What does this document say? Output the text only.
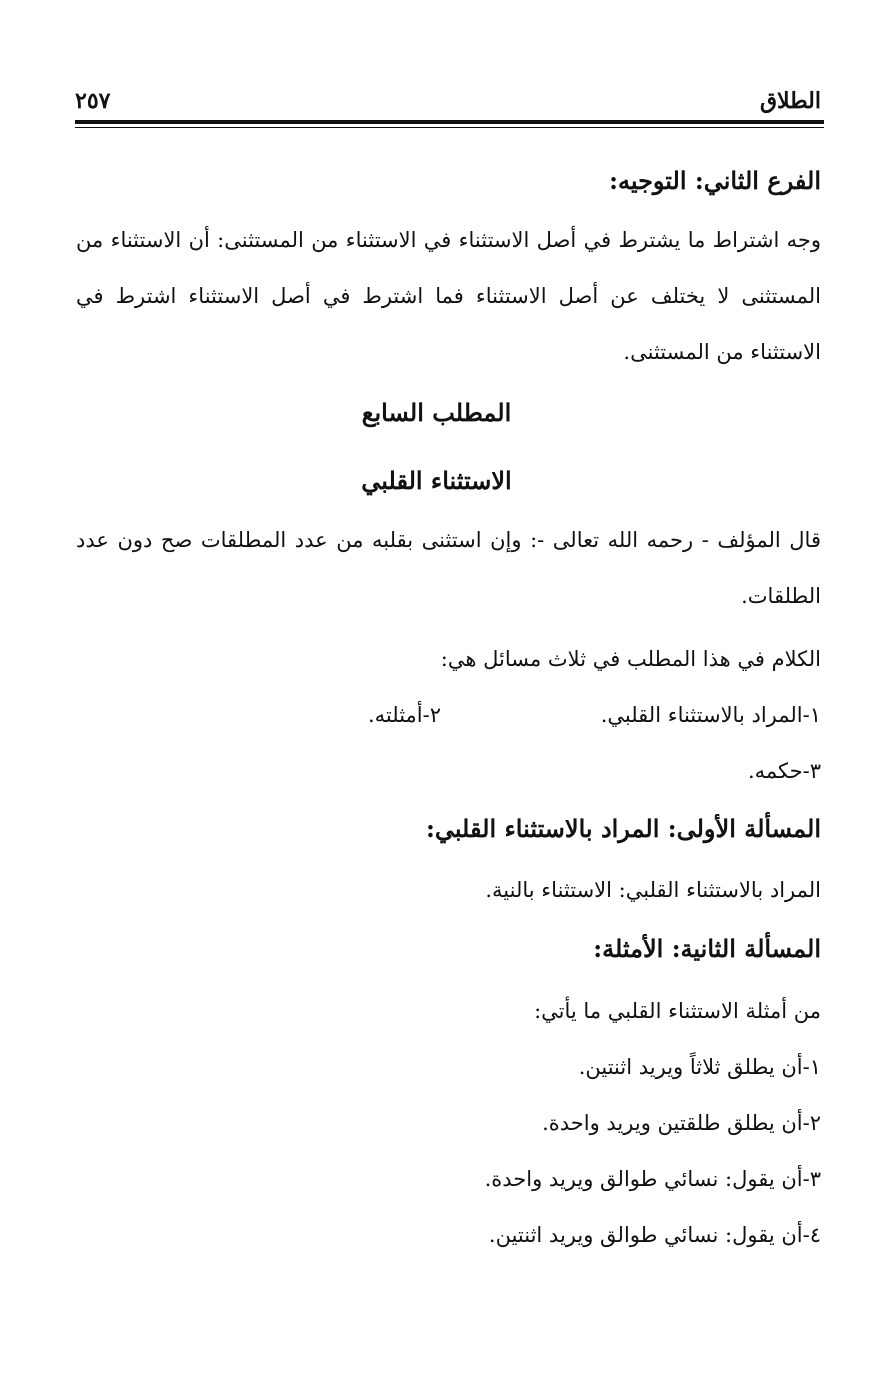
الطلاق
٢٥٧
الفرع الثاني: التوجيه:
وجه اشتراط ما يشترط في أصل الاستثناء في الاستثناء من المستثنى: أن الاستثناء من المستثنى لا يختلف عن أصل الاستثناء فما اشترط في أصل الاستثناء اشترط في الاستثناء من المستثنى.
المطلب السابع
الاستثناء القلبي
قال المؤلف - رحمه الله تعالى -: وإن استثنى بقلبه من عدد المطلقات صح دون عدد الطلقات.
الكلام في هذا المطلب في ثلاث مسائل هي:
١-المراد بالاستثناء القلبي.
٢-أمثلته.
٣-حكمه.
المسألة الأولى: المراد بالاستثناء القلبي:
المراد بالاستثناء القلبي: الاستثناء بالنية.
المسألة الثانية: الأمثلة:
من أمثلة الاستثناء القلبي ما يأتي:
١-أن يطلق ثلاثاً ويريد اثنتين.
٢-أن يطلق طلقتين ويريد واحدة.
٣-أن يقول: نسائي طوالق ويريد واحدة.
٤-أن يقول: نسائي طوالق ويريد اثنتين.
